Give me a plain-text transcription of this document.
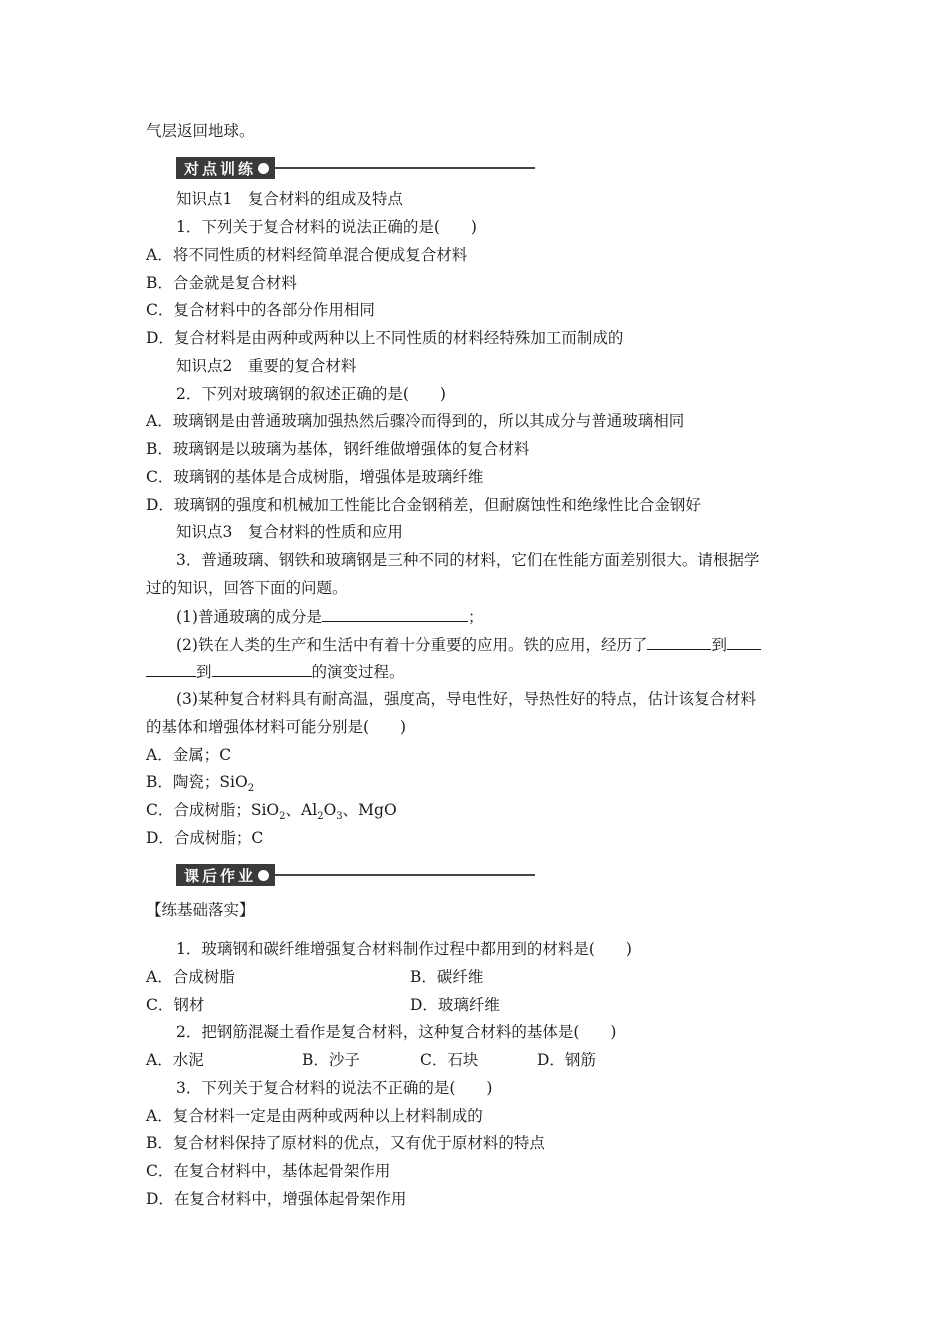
气层返回地球。
对点训练
知识点1　复合材料的组成及特点
1．下列关于复合材料的说法正确的是(　　)
A．将不同性质的材料经简单混合便成复合材料
B．合金就是复合材料
C．复合材料中的各部分作用相同
D．复合材料是由两种或两种以上不同性质的材料经特殊加工而制成的
知识点2　重要的复合材料
2．下列对玻璃钢的叙述正确的是(　　)
A．玻璃钢是由普通玻璃加强热然后骤冷而得到的，所以其成分与普通玻璃相同
B．玻璃钢是以玻璃为基体，钢纤维做增强体的复合材料
C．玻璃钢的基体是合成树脂，增强体是玻璃纤维
D．玻璃钢的强度和机械加工性能比合金钢稍差，但耐腐蚀性和绝缘性比合金钢好
知识点3　复合材料的性质和应用
3．普通玻璃、钢铁和玻璃钢是三种不同的材料，它们在性能方面差别很大。请根据学
过的知识，回答下面的问题。
(1)普通玻璃的成分是	；
(2)铁在人类的生产和生活中有着十分重要的应用。铁的应用，经历了	到
到	的演变过程。
(3)某种复合材料具有耐高温，强度高，导电性好，导热性好的特点，估计该复合材料
的基体和增强体材料可能分别是(　　)
A．金属；C
B．陶瓷；SiO$_2$
C．合成树脂；SiO$_2$、$Al_2O_3$、MgO
D．合成树脂；C
课后作业
【练基础落实】
1．玻璃钢和碳纤维增强复合材料制作过程中都用到的材料是(　　)
A．合成树脂	B．碳纤维
C．钢材	D．玻璃纤维
2．把钢筋混凝土看作是复合材料，这种复合材料的基体是(　　)
A．水泥	B．沙子	C．石块	D．钢筋
3．下列关于复合材料的说法不正确的是(　　)
A．复合材料一定是由两种或两种以上材料制成的
B．复合材料保持了原材料的优点，又有优于原材料的特点
C．在复合材料中，基体起骨架作用
D．在复合材料中，增强体起骨架作用
